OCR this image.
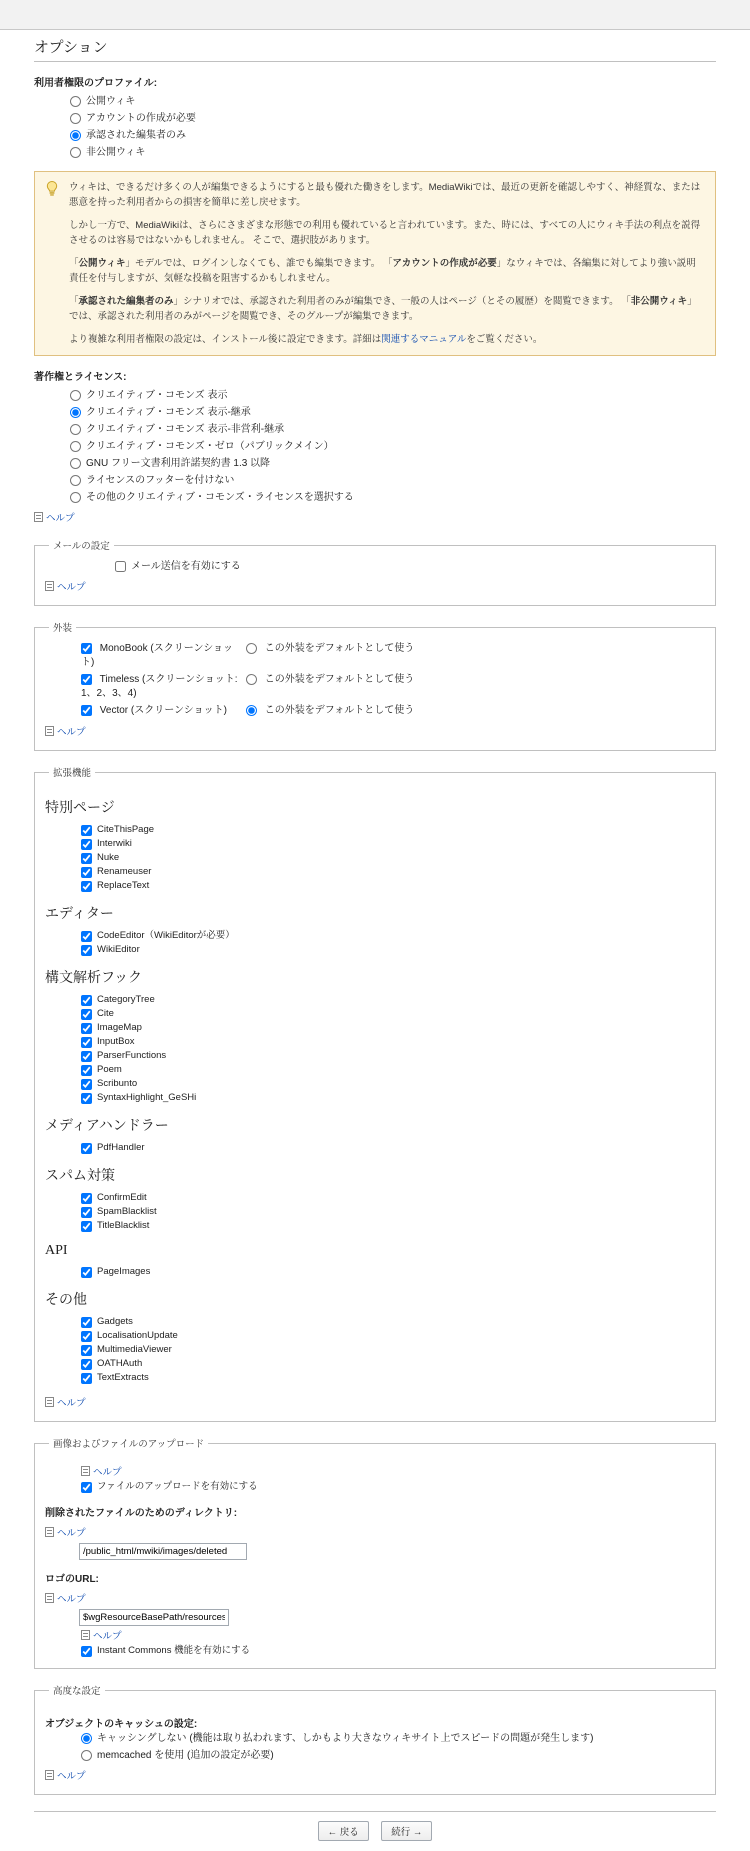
オプション
利用者権限のプロファイル:
公開ウィキ
アカウントの作成が必要
承認された編集者のみ
非公開ウィキ

ウィキは、できるだけ多くの人が編集できるようにすると最も優れた働きをします。MediaWikiでは、最近の更新を確認しやすく、神経質な、または悪意を持った利用者からの損害を簡単に差し戻せます。

しかし一方で、MediaWikiは、さらにさまざまな形態での利用も優れていると言われています。また、時には、すべての人にウィキ手法の利点を説得させるのは容易ではないかもしれません。 そこで、選択肢があります。

「公開ウィキ」モデルでは、ログインしなくても、誰でも編集できます。 「アカウントの作成が必要」なウィキでは、各編集に対してより強い説明責任を付与しますが、気軽な投稿を阻害するかもしれません。

「承認された編集者のみ」シナリオでは、承認された利用者のみが編集でき、一般の人はページ（とその履歴）を閲覧できます。 「非公開ウィキ」では、承認された利用者のみがページを閲覧でき、そのグループが編集できます。

より複雑な利用者権限の設定は、インストール後に設定できます。詳細は関連するマニュアルをご覧ください。

著作権とライセンス:
クリエイティブ・コモンズ 表示
クリエイティブ・コモンズ 表示-継承
クリエイティブ・コモンズ 表示-非営利-継承
クリエイティブ・コモンズ・ゼロ（パブリックメイン）
GNU フリー文書利用許諾契約書 1.3 以降
ライセンスのフッターを付けない
その他のクリエイティブ・コモンズ・ライセンスを選択する
ヘルプ
メールの設定
メール送信を有効にする
ヘルプ
外装
MonoBook (スクリーンショット)
この外装をデフォルトとして使う
Timeless (スクリーンショット: 1、2、3、4)
この外装をデフォルトとして使う
Vector (スクリーンショット)	この外装をデフォルトとして使う
ヘルプ
拡張機能
特別ページ
CiteThisPage
Interwiki
Nuke
Renameuser
ReplaceText
エディター
CodeEditor（WikiEditorが必要）
WikiEditor
構文解析フック
CategoryTree
Cite
ImageMap
InputBox
ParserFunctions
Poem
Scribunto
SyntaxHighlight_GeSHi
メディアハンドラー
PdfHandler
スパム対策
ConfirmEdit
SpamBlacklist
TitleBlacklist
API
PageImages
その他
Gadgets
LocalisationUpdate
MultimediaViewer
OATHAuth
TextExtracts
ヘルプ
画像およびファイルのアップロード
ヘルプ
ファイルのアップロードを有効にする
削除されたファイルのためのディレクトリ:
ヘルプ
/public_html/mwiki/images/deleted
ロゴのURL:
ヘルプ
$wgResourceBasePath/resources/assets/log
ヘルプ
Instant Commons 機能を有効にする
高度な設定
オブジェクトのキャッシュの設定:
キャッシングしない (機能は取り払われます、しかもより大きなウィキサイト上でスピードの問題が発生します)
memcached を使用 (追加の設定が必要)
ヘルプ
← 戻る	続行 →
